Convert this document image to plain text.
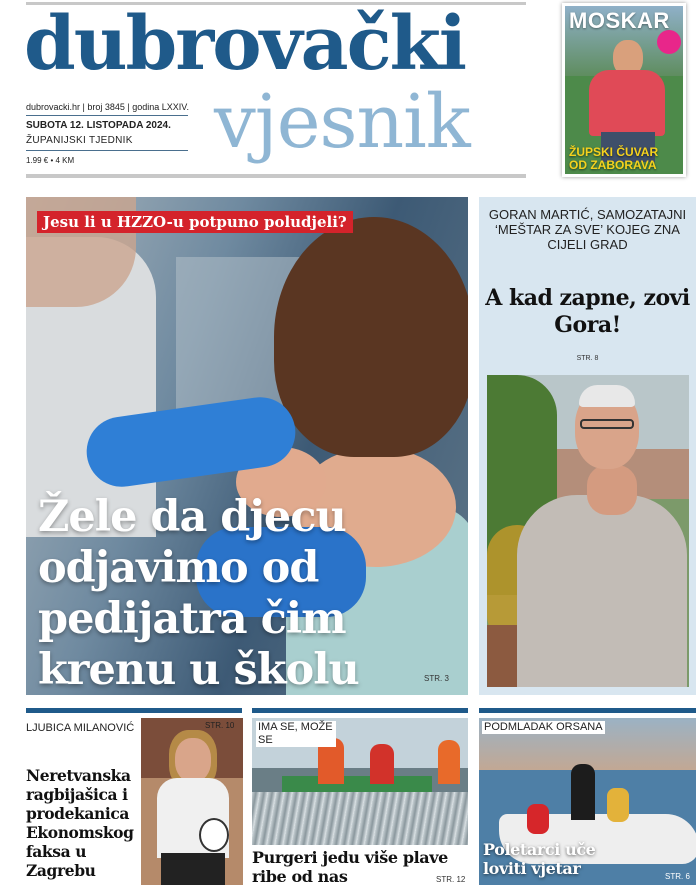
dubrovački
dubrovacki.hr | broj 3845 | godina LXXIV.
SUBOTA 12. LISTOPADA 2024.
ŽUPANIJSKI TJEDNIK
1.99 € • 4 KM vjesnik
MOSKAR
ŽUPSKI ČUVAR
OD ZABORAVA
Jesu li u HZZO-u potpuno poludjeli?
Žele da djecu odjavimo od pedijatra čim krenu u školu	STR. 3
GORAN MARTIĆ, SAMOZATAJNI ‘MEŠTAR ZA SVE’ KOJEG ZNA CIJELI GRAD
A kad zapne, zovi Gora!
STR. 8
LJUBICA MILANOVIĆ
Neretvanska ragbijašica i prodekanica Ekonomskog faksa u Zagrebu
STR. 10 IMA SE, MOŽE SE
Purgeri jedu više plave ribe od nas	STR. 12
PODMLADAK ORSANA
Poletarci uče loviti vjetar	STR. 6
